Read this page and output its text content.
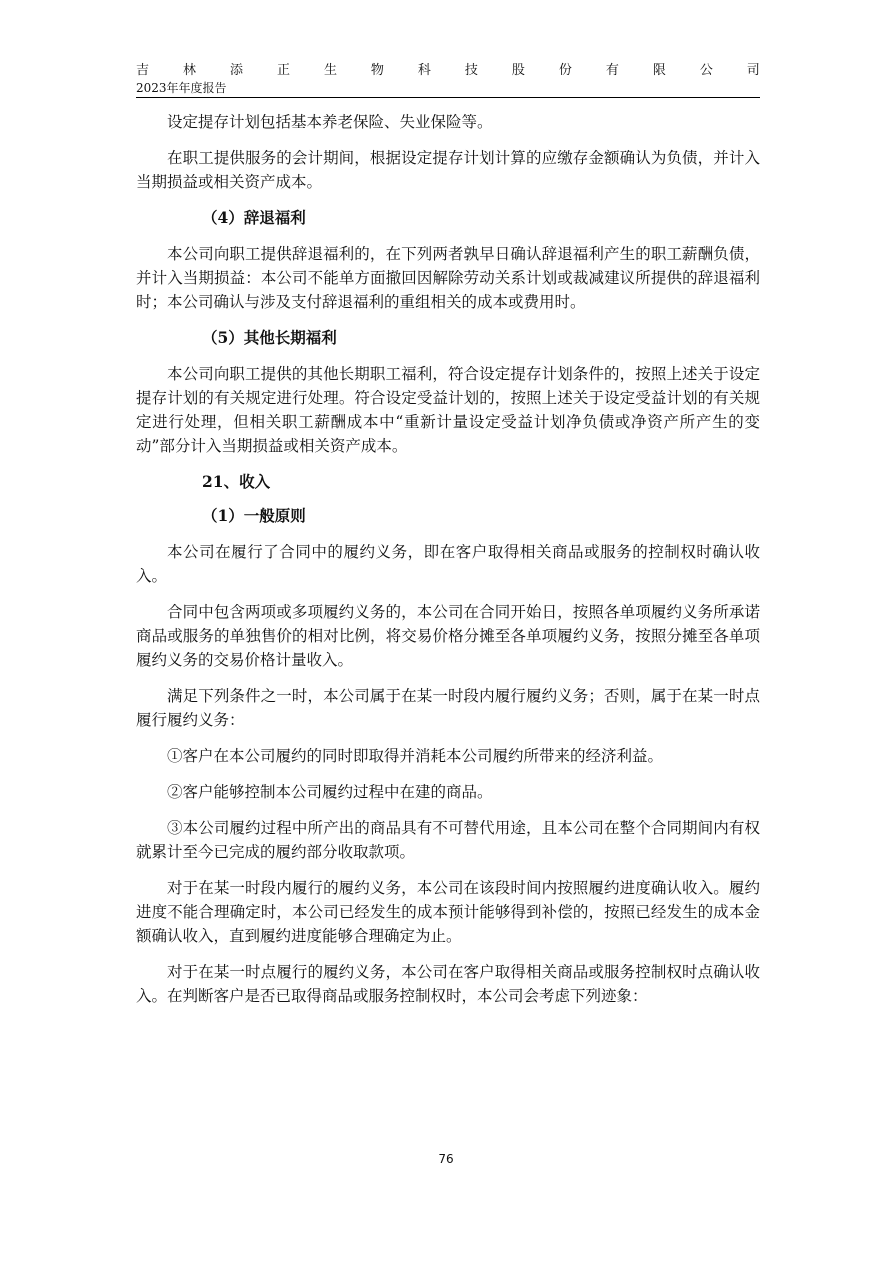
吉	林	添	正	生	物	科	技	股	份	有	限	公	司
2023年年度报告

设定提存计划包括基本养老保险、失业保险等。

在职工提供服务的会计期间，根据设定提存计划计算的应缴存金额确认为负债，并计入当期损益或相关资产成本。

（4）辞退福利

本公司向职工提供辞退福利的，在下列两者孰早日确认辞退福利产生的职工薪酬负债，并计入当期损益：本公司不能单方面撤回因解除劳动关系计划或裁减建议所提供的辞退福利时；本公司确认与涉及支付辞退福利的重组相关的成本或费用时。

（5）其他长期福利

本公司向职工提供的其他长期职工福利，符合设定提存计划条件的，按照上述关于设定提存计划的有关规定进行处理。符合设定受益计划的，按照上述关于设定受益计划的有关规定进行处理，但相关职工薪酬成本中“重新计量设定受益计划净负债或净资产所产生的变动”部分计入当期损益或相关资产成本。

21、收入

（1）一般原则

本公司在履行了合同中的履约义务，即在客户取得相关商品或服务的控制权时确认收入。

合同中包含两项或多项履约义务的，本公司在合同开始日，按照各单项履约义务所承诺商品或服务的单独售价的相对比例，将交易价格分摊至各单项履约义务，按照分摊至各单项履约义务的交易价格计量收入。

满足下列条件之一时，本公司属于在某一时段内履行履约义务；否则，属于在某一时点履行履约义务：

①客户在本公司履约的同时即取得并消耗本公司履约所带来的经济利益。

②客户能够控制本公司履约过程中在建的商品。

③本公司履约过程中所产出的商品具有不可替代用途，且本公司在整个合同期间内有权就累计至今已完成的履约部分收取款项。

对于在某一时段内履行的履约义务，本公司在该段时间内按照履约进度确认收入。履约进度不能合理确定时，本公司已经发生的成本预计能够得到补偿的，按照已经发生的成本金额确认收入，直到履约进度能够合理确定为止。

对于在某一时点履行的履约义务，本公司在客户取得相关商品或服务控制权时点确认收入。在判断客户是否已取得商品或服务控制权时，本公司会考虑下列迹象：

76
